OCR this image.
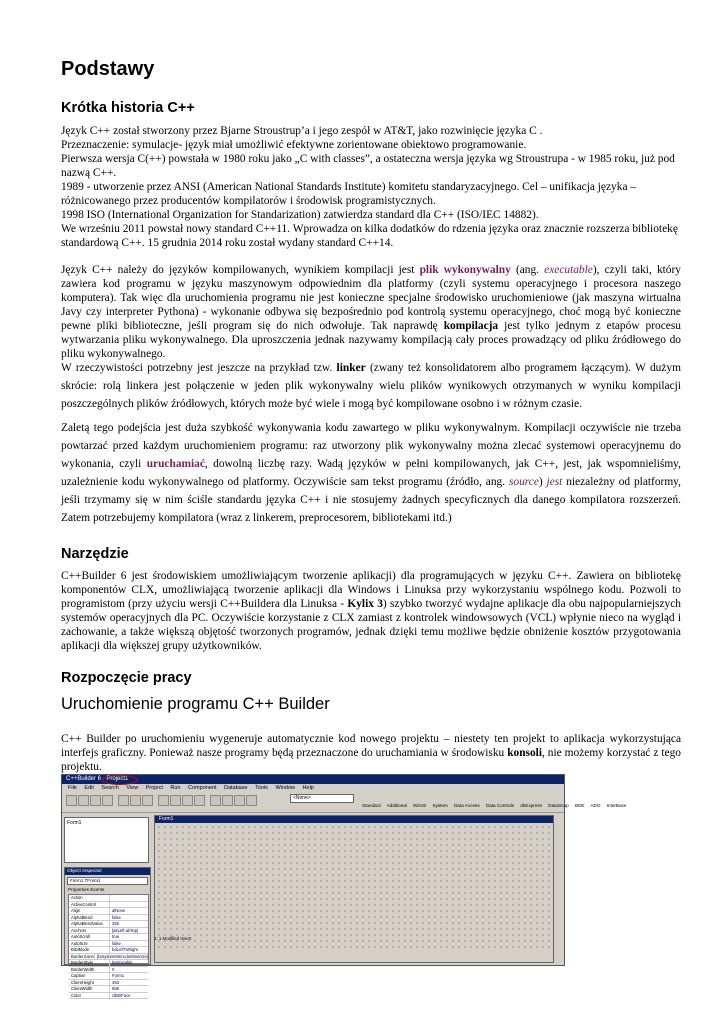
Podstawy
Krótka historia C++
Język C++ został stworzony przez Bjarne Stroustrup’a i jego zespół w AT&T, jako rozwinięcie języka C .
Przeznaczenie: symulacje- język miał umożliwić efektywne zorientowane obiektowo programowanie.
Pierwsza wersja C(++) powstała w 1980 roku jako „C with classes”, a ostateczna wersja języka wg Stroustrupa - w 1985 roku, już pod nazwą C++.
1989 - utworzenie przez ANSI (American National Standards Institute) komitetu standaryzacyjnego. Cel – unifikacja języka – różnicowanego przez producentów kompilatorów i środowisk programistycznych.
1998 ISO (International Organization for Standarization) zatwierdza standard dla C++ (ISO/IEC 14882).
We wrześniu 2011 powstał nowy standard C++11. Wprowadza on kilka dodatków do rdzenia języka oraz znacznie rozszerza bibliotekę standardową C++. 15 grudnia 2014 roku został wydany standard C++14.
Język C++ należy do języków kompilowanych, wynikiem kompilacji jest plik wykonywalny (ang. executable), czyli taki, który zawiera kod programu w języku maszynowym odpowiednim dla platformy (czyli systemu operacyjnego i procesora naszego komputera). Tak więc dla uruchomienia programu nie jest konieczne specjalne środowisko uruchomieniowe (jak maszyna wirtualna Javy czy interpreter Pythona) - wykonanie odbywa się bezpośrednio pod kontrolą systemu operacyjnego, choć mogą być konieczne pewne pliki biblioteczne, jeśli program się do nich odwołuje. Tak naprawdę kompilacja jest tylko jednym z etapów procesu wytwarzania pliku wykonywalnego. Dla uproszczenia jednak nazywamy kompilacją cały proces prowadzący od pliku źródłowego do pliku wykonywalnego.
W rzeczywistości potrzebny jest jeszcze na przykład tzw. linker (zwany też konsolidatorem albo programem łączącym). W dużym skrócie: rolą linkera jest połączenie w jeden plik wykonywalny wielu plików wynikowych otrzymanych w wyniku kompilacji poszczególnych plików źródłowych, których może być wiele i mogą być kompilowane osobno i w różnym czasie.
Zaletą tego podejścia jest duża szybkość wykonywania kodu zawartego w pliku wykonywalnym. Kompilacji oczywiście nie trzeba powtarzać przed każdym uruchomieniem programu: raz utworzony plik wykonywalny można zlecać systemowi operacyjnemu do wykonania, czyli uruchamiać, dowolną liczbę razy. Wadą języków w pełni kompilowanych, jak C++, jest, jak wspomnieliśmy, uzależnienie kodu wykonywalnego od platformy. Oczywiście sam tekst programu (źródło, ang. source) jest niezależny od platformy, jeśli trzymamy się w nim ściśle standardu języka C++ i nie stosujemy żadnych specyficznych dla danego kompilatora rozszerzeń. Zatem potrzebujemy kompilatora (wraz z linkerem, preprocesorem, bibliotekami itd.)
Narzędzie
C++Builder 6 jest środowiskiem umożliwiającym tworzenie aplikacji) dla programujących w języku C++. Zawiera on bibliotekę komponentów CLX, umożliwiającą tworzenie aplikacji dla Windows i Linuksa przy wykorzystaniu wspólnego kodu. Pozwoli to programistom (przy użyciu wersji C++Buildera dla Linuksa - Kylix 3) szybko tworzyć wydajne aplikacje dla obu najpopularniejszych systemów operacyjnych dla PC. Oczywiście korzystanie z CLX zamiast z kontrolek windowsowych (VCL) wpłynie nieco na wygląd i zachowanie, a także większą objętość tworzonych programów, jednak dzięki temu możliwe będzie obniżenie kosztów przygotowania aplikacji dla większej grupy użytkowników.
Rozpoczęcie pracy
Uruchomienie programu C++ Builder
C++ Builder po uruchomieniu wygeneruje automatycznie kod nowego projektu – niestety ten projekt to aplikacja wykorzystująca interfejs graficzny. Ponieważ nasze programy będą przeznaczone do uruchamiania w środowisku konsoli, nie możemy korzystać z tego projektu.
C++Builder 6 - Project1
File Edit Search View Project Run Component Database Tools Window Help
<None>
Standard Additional Win32 System Data Access Data Controls dbExpress DataSnap BDE ADO InterBase
Form1
Object Inspector
Form1 TForm1
Properties Events
Action
ActiveControl
Align	alNone
AlphaBlend	false
AlphaBlendValue	255
Anchors	[akLeft,akTop]
AutoScroll	true
AutoSize	false
BiDiMode	bdLeftToRight
BorderIcons [biSystemMenu,biMinimize]
BorderStyle	bsSizeable
BorderWidth	0
Caption	Form1
ClientHeight	453
ClientWidth	688
Color	clBtnFace
Form1
1: 1 Modified Insert
